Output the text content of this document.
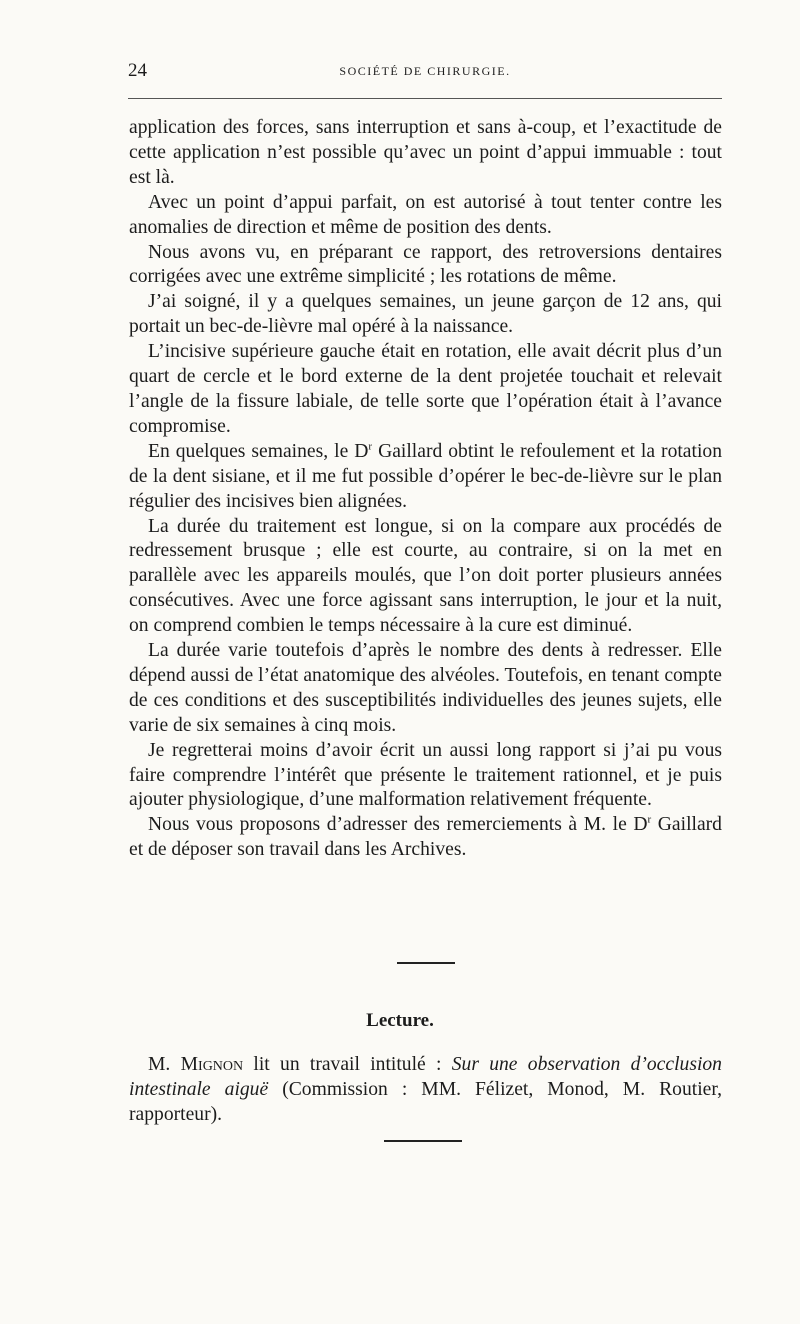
24	SOCIÉTÉ DE CHIRURGIE.

application des forces, sans interruption et sans à-coup, et l’exactitude de cette application n’est possible qu’avec un point d’appui immuable : tout est là.

Avec un point d’appui parfait, on est autorisé à tout tenter contre les anomalies de direction et même de position des dents.

Nous avons vu, en préparant ce rapport, des retroversions dentaires corrigées avec une extrême simplicité ; les rotations de même.

J’ai soigné, il y a quelques semaines, un jeune garçon de 12 ans, qui portait un bec-de-lièvre mal opéré à la naissance.

L’incisive supérieure gauche était en rotation, elle avait décrit plus d’un quart de cercle et le bord externe de la dent projetée touchait et relevait l’angle de la fissure labiale, de telle sorte que l’opération était à l’avance compromise.

En quelques semaines, le $D^r$ Gaillard obtint le refoulement et la rotation de la dent sisiane, et il me fut possible d’opérer le bec-de-lièvre sur le plan régulier des incisives bien alignées.

La durée du traitement est longue, si on la compare aux procédés de redressement brusque ; elle est courte, au contraire, si on la met en parallèle avec les appareils moulés, que l’on doit porter plusieurs années consécutives. Avec une force agissant sans interruption, le jour et la nuit, on comprend combien le temps nécessaire à la cure est diminué.

La durée varie toutefois d’après le nombre des dents à redresser. Elle dépend aussi de l’état anatomique des alvéoles. Toutefois, en tenant compte de ces conditions et des susceptibilités individuelles des jeunes sujets, elle varie de six semaines à cinq mois.

Je regretterai moins d’avoir écrit un aussi long rapport si j’ai pu vous faire comprendre l’intérêt que présente le traitement rationnel, et je puis ajouter physiologique, d’une malformation relativement fréquente.

Nous vous proposons d’adresser des remerciements à M. le $D^r$ Gaillard et de déposer son travail dans les Archives.

Lecture.

M. Mignon lit un travail intitulé : Sur une observation d’occlusion intestinale aiguë (Commission : MM. Félizet, Monod, M. Routier, rapporteur).
